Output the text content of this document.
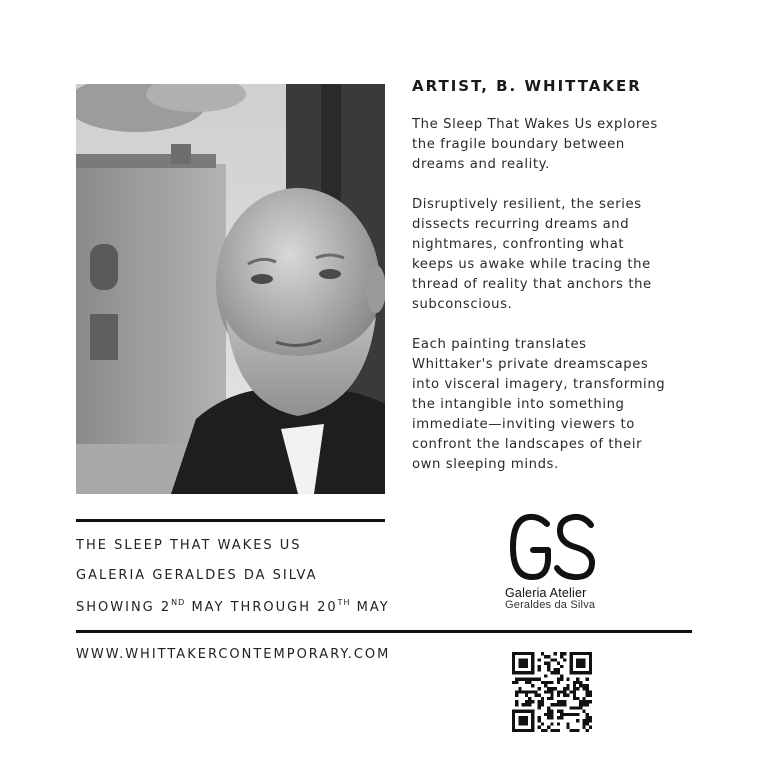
ARTIST, B. WHITTAKER

The Sleep That Wakes Us explores
the fragile boundary between
dreams and reality.

Disruptively resilient, the series
dissects recurring dreams and
nightmares, confronting what
keeps us awake while tracing the
thread of reality that anchors the
subconscious.

Each painting translates
Whittaker's private dreamscapes
into visceral imagery, transforming
the intangible into something
immediate—inviting viewers to
confront the landscapes of their
own sleeping minds.

THE SLEEP THAT WAKES US
GALERIA GERALDES DA SILVA
SHOWING 2ND MAY THROUGH 20TH MAY
Galeria Atelier
Geraldes da Silva
WWW.WHITTAKERCONTEMPORARY.COM
